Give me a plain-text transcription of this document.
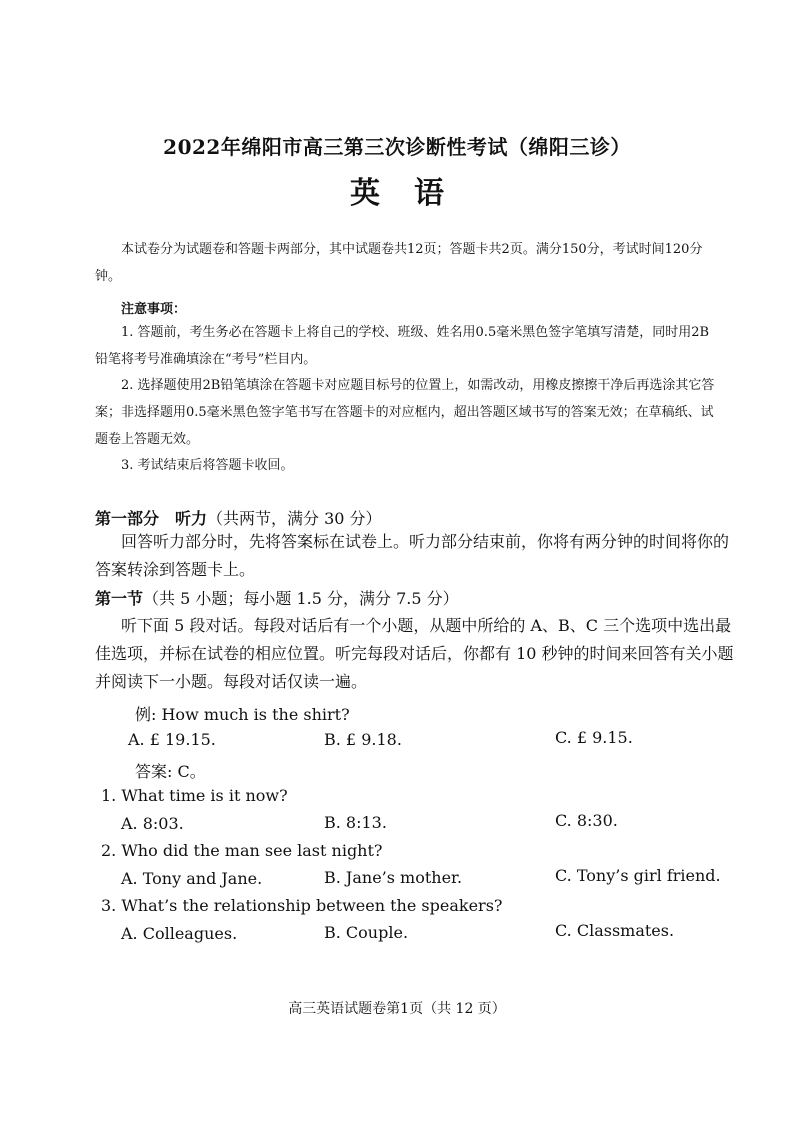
2022年绵阳市高三第三次诊断性考试（绵阳三诊）
英语
本试卷分为试题卷和答题卡两部分，其中试题卷共12页；答题卡共2页。满分150分，考试时间120分钟。
注意事项：
1. 答题前，考生务必在答题卡上将自己的学校、班级、姓名用0.5毫米黑色签字笔填写清楚，同时用2B铅笔将考号准确填涂在“考号”栏目内。
2. 选择题使用2B铅笔填涂在答题卡对应题目标号的位置上，如需改动，用橡皮擦擦干净后再选涂其它答案；非选择题用0.5毫米黑色签字笔书写在答题卡的对应框内，超出答题区域书写的答案无效；在草稿纸、试题卷上答题无效。
3. 考试结束后将答题卡收回。
第一部分　听力（共两节，满分 30 分）
回答听力部分时，先将答案标在试卷上。听力部分结束前，你将有两分钟的时间将你的答案转涂到答题卡上。
第一节（共 5 小题；每小题 1.5 分，满分 7.5 分）
听下面 5 段对话。每段对话后有一个小题，从题中所给的 A、B、C 三个选项中选出最佳选项，并标在试卷的相应位置。听完每段对话后，你都有 10 秒钟的时间来回答有关小题并阅读下一小题。每段对话仅读一遍。
例: How much is the shirt?
A. £ 19.15.	B. £ 9.18.	C. £ 9.15.
答案: C。
1. What time is it now?
A. 8:03.	B. 8:13.	C. 8:30.
2. Who did the man see last night?
A. Tony and Jane.	B. Jane’s mother.	C. Tony’s girl friend.
3. What’s the relationship between the speakers?
A. Colleagues.	B. Couple.	C. Classmates.
高三英语试题卷第1页（共 12 页）
